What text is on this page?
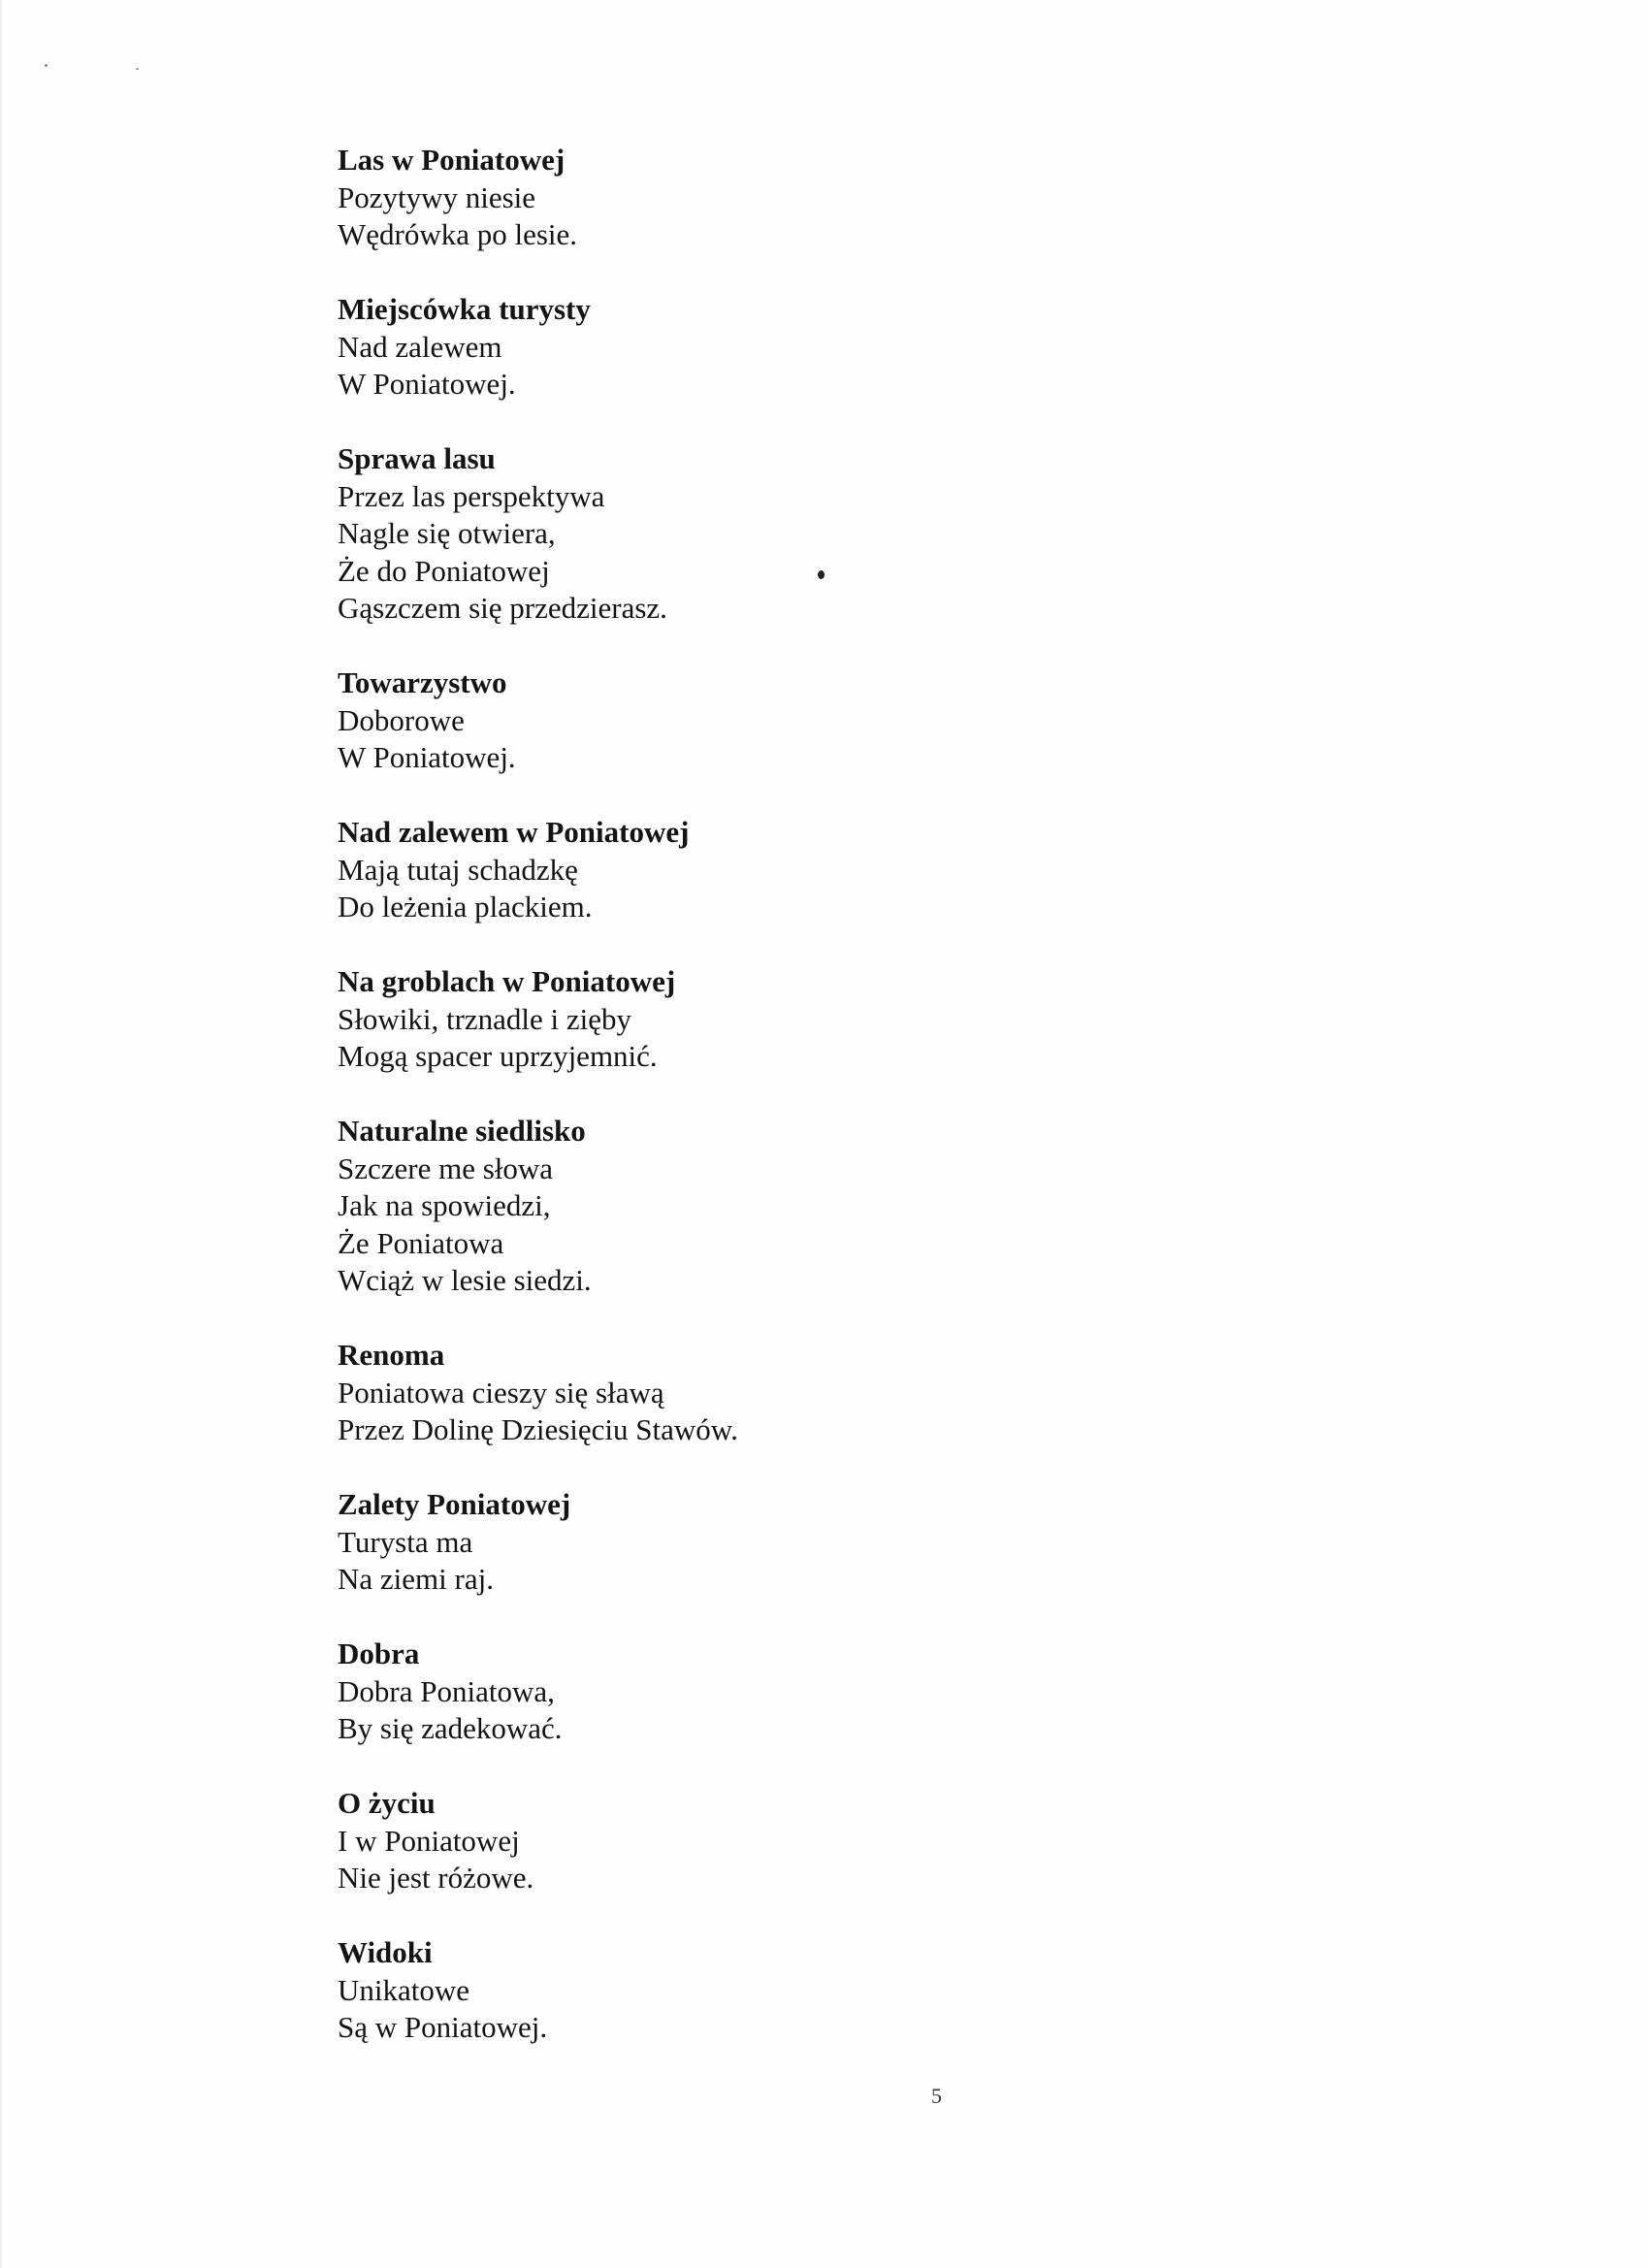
Las w Poniatowej
Pozytywy niesie
Wędrówka po lesie.
Miejscówka turysty
Nad zalewem
W Poniatowej.
Sprawa lasu
Przez las perspektywa
Nagle się otwiera,
Że do Poniatowej
Gąszczem się przedzierasz.
Towarzystwo
Doborowe
W Poniatowej.
Nad zalewem w Poniatowej
Mają tutaj schadzkę
Do leżenia plackiem.
Na groblach w Poniatowej
Słowiki, trznadle i zięby
Mogą spacer uprzyjemnić.
Naturalne siedlisko
Szczere me słowa
Jak na spowiedzi,
Że Poniatowa
Wciąż w lesie siedzi.
Renoma
Poniatowa cieszy się sławą
Przez Dolinę Dziesięciu Stawów.
Zalety Poniatowej
Turysta ma
Na ziemi raj.
Dobra
Dobra Poniatowa,
By się zadekować.
O życiu
I w Poniatowej
Nie jest różowe.
Widoki
Unikatowe
Są w Poniatowej.
5
